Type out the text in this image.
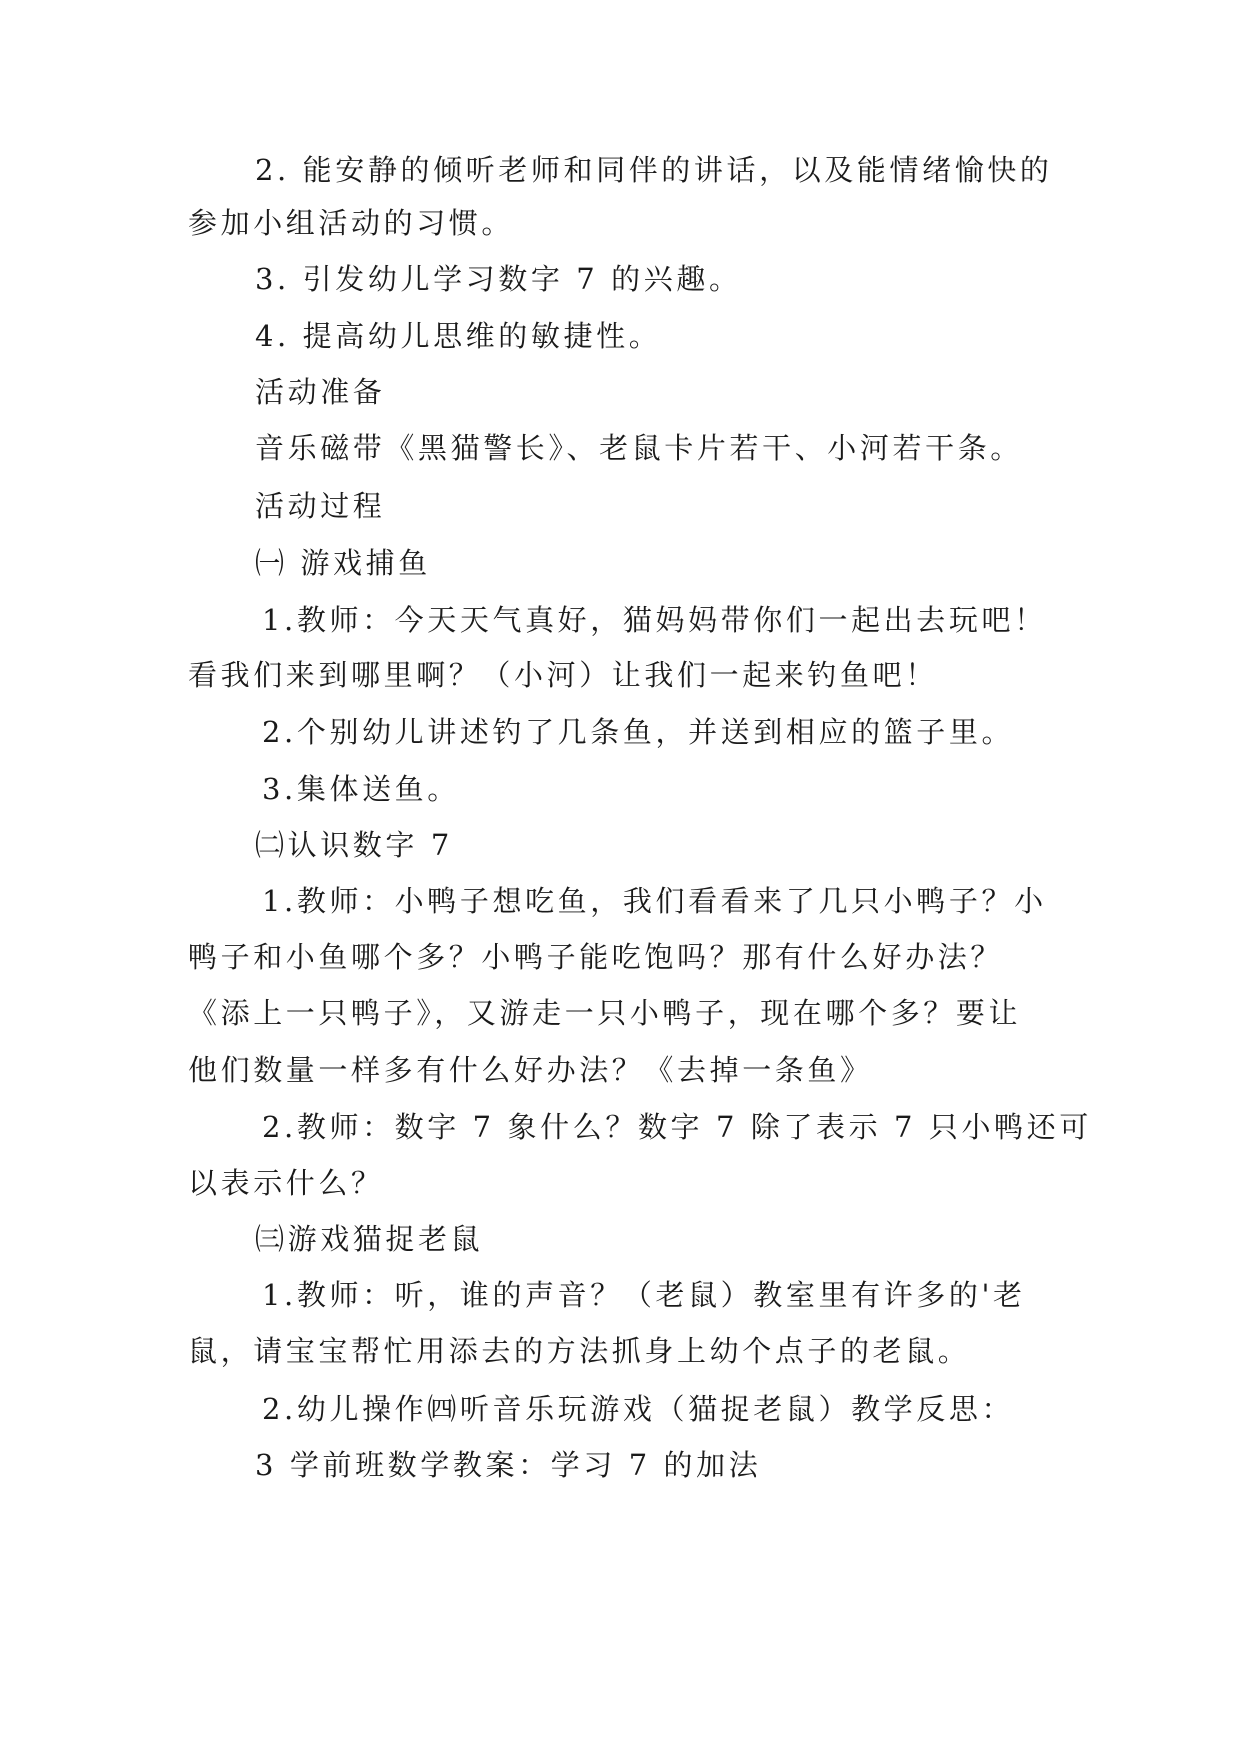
2. 能安静的倾听老师和同伴的讲话，以及能情绪愉快的
参加小组活动的习惯。
3. 引发幼儿学习数字 7 的兴趣。
4. 提高幼儿思维的敏捷性。
活动准备
音乐磁带《黑猫警长》、老鼠卡片若干、小河若干条。
活动过程
㈠ 游戏捕鱼
1.教师：今天天气真好，猫妈妈带你们一起出去玩吧！
看我们来到哪里啊？（小河）让我们一起来钓鱼吧！
2.个别幼儿讲述钓了几条鱼，并送到相应的篮子里。
3.集体送鱼。
㈡认识数字 7
1.教师：小鸭子想吃鱼，我们看看来了几只小鸭子？小
鸭子和小鱼哪个多？小鸭子能吃饱吗？那有什么好办法？
《添上一只鸭子》，又游走一只小鸭子，现在哪个多？要让
他们数量一样多有什么好办法？《去掉一条鱼》
2.教师：数字 7 象什么？数字 7 除了表示 7 只小鸭还可
以表示什么？
㈢游戏猫捉老鼠
1.教师：听，谁的声音？（老鼠）教室里有许多的'老
鼠，请宝宝帮忙用添去的方法抓身上幼个点子的老鼠。
2.幼儿操作㈣听音乐玩游戏（猫捉老鼠）教学反思：
3 学前班数学教案：学习 7 的加法
